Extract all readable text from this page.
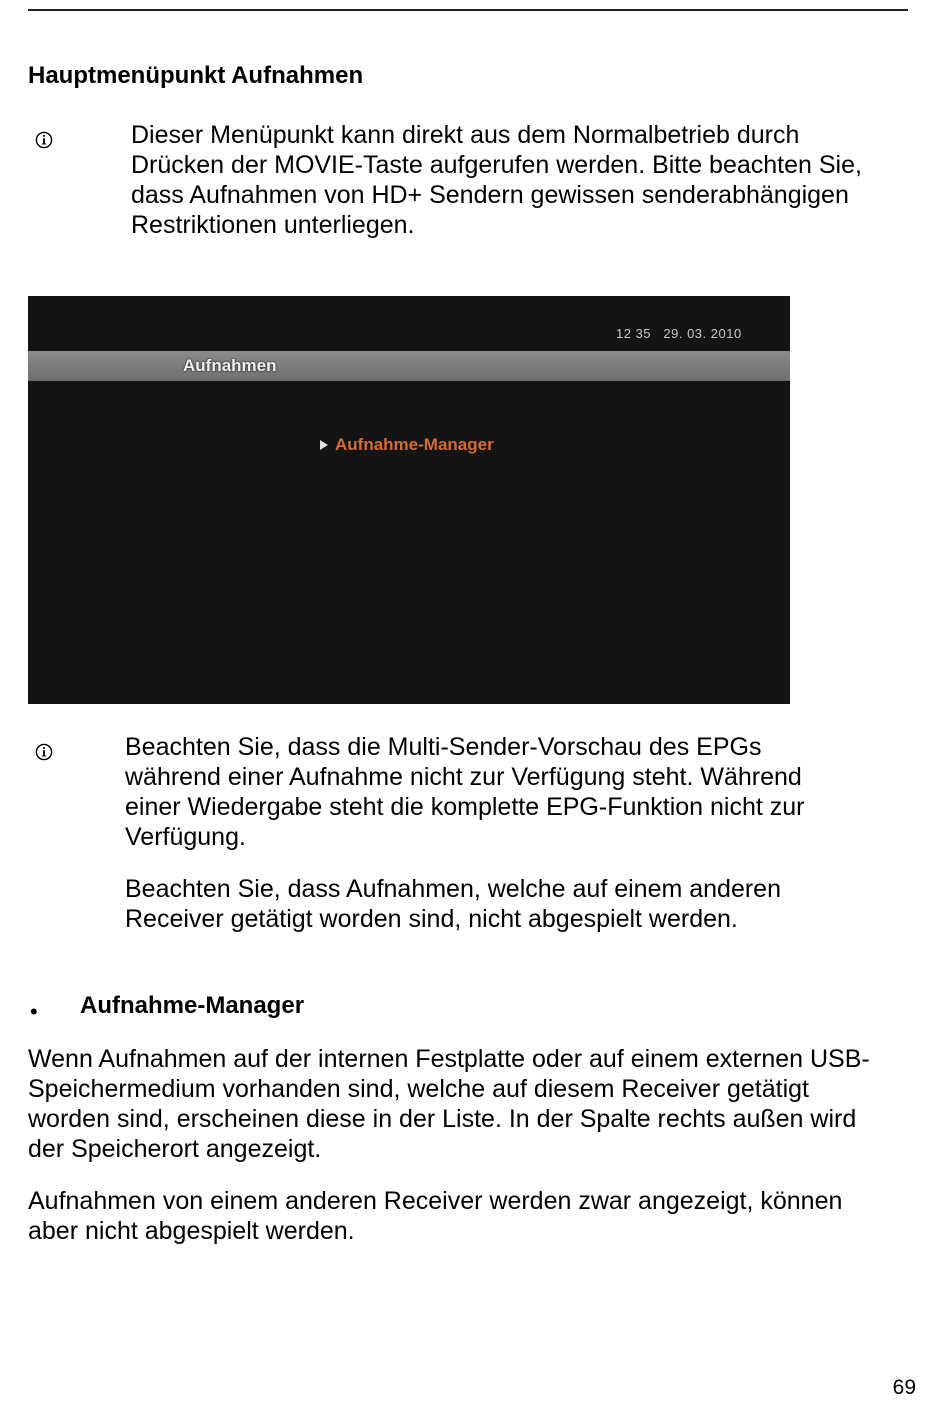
Hauptmenüpunkt Aufnahmen
Dieser Menüpunkt kann direkt aus dem Normalbetrieb durch
Drücken der MOVIE-Taste aufgerufen werden. Bitte beachten Sie,
dass Aufnahmen von HD+ Sendern gewissen senderabhängigen
Restriktionen unterliegen.
12 35 29. 03. 2010
Aufnahmen
Aufnahme-Manager
Beachten Sie, dass die Multi-Sender-Vorschau des EPGs
während einer Aufnahme nicht zur Verfügung steht. Während
einer Wiedergabe steht die komplette EPG-Funktion nicht zur
Verfügung.
Beachten Sie, dass Aufnahmen, welche auf einem anderen
Receiver getätigt worden sind, nicht abgespielt werden.
• Aufnahme-Manager
Wenn Aufnahmen auf der internen Festplatte oder auf einem externen USB-
Speichermedium vorhanden sind, welche auf diesem Receiver getätigt
worden sind, erscheinen diese in der Liste. In der Spalte rechts außen wird
der Speicherort angezeigt.
Aufnahmen von einem anderen Receiver werden zwar angezeigt, können
aber nicht abgespielt werden.
69
